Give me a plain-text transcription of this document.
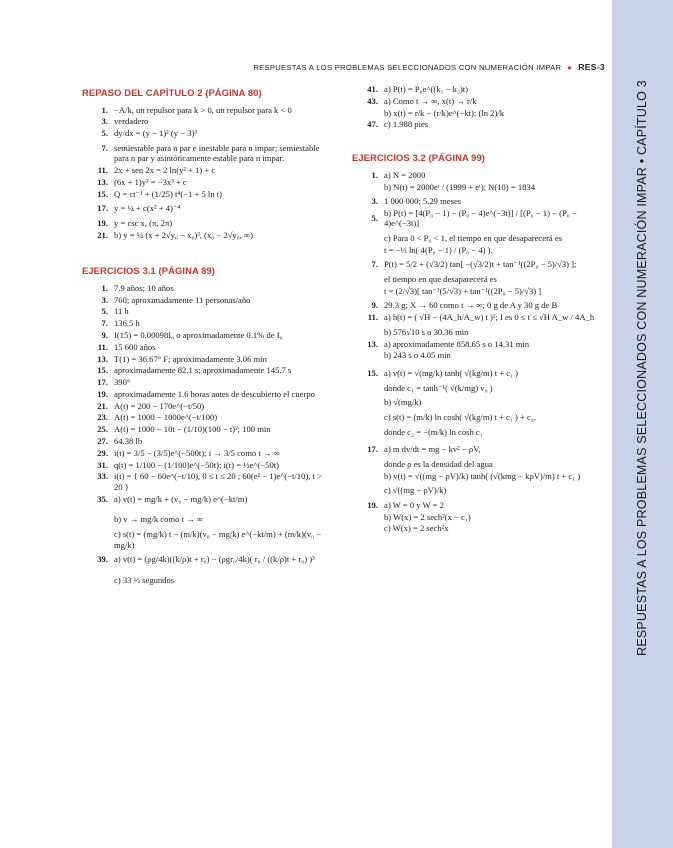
RESPUESTAS A LOS PROBLEMAS SELECCIONADOS CON NUMERACIÓN IMPAR • CAPÍTULO 3
RESPUESTAS A LOS PROBLEMAS SELECCIONADOS CON NUMERACIÓN IMPAR ● RES-3
REPASO DEL CAPÍTULO 2 (PÁGINA 80)
1. −A/k, un repulsor para k > 0, un repulsor para k < 0
3. verdadero
5. dy/dx = (y − 1)² (y − 3)³
7. semiestable para n par e inestable para n impar; semiestable para n par y asintóticamente estable para n impar.
11. 2x + sen 2x = 2 ln(y² + 1) + c
13. (6x + 1)y³ = −3x³ + c
15. Q = ct⁻¹ + (1/25) t⁴(−1 + 5 ln t)
17. y = ¼ + c(x² + 4)⁻⁴
19. y = csc x, (π, 2π)
21. b) y = ¼ (x + 2√y₀ − x₀)², (x₀ − 2√y₀, ∞)
EJERCICIOS 3.1 (PÁGINA 89)
1. 7.9 años; 10 años
3. 760; aproximadamente 11 personas/año
5. 11 h
7. 136.5 h
9. I(15) = 0.00098I₀ o aproximadamente 0.1% de I₀
11. 15 600 años
13. T(1) = 36.67° F; aproximadamente 3.06 min
15. aproximadamente 82.1 s; aproximadamente 145.7 s
17. 390°
19. aproximadamente 1.6 horas antes de descubierto el cuerpo
21. A(t) = 200 − 170e^(−t/50)
23. A(t) = 1000 − 1000e^(−t/100)
25. A(t) = 1000 − 10t − (1/10)(100 − t)²; 100 min
27. 64.38 lb
29. i(t) = 3/5 − (3/5)e^(−500t); i → 3/5 como t → ∞
31. q(t) = 1/100 − (1/100)e^(−50t); i(t) = ½e^(−50t)
33. i(t) = { 60 − 60e^(−t/10), 0 ≤ t ≤ 20 ; 60(e² − 1)e^(−t/10), t > 20 }
35. a) v(t) = mg/k + (v₀ − mg/k) e^(−kt/m)
b) v → mg/k como t → ∞
c) s(t) = (mg/k) t − (m/k)(v₀ − mg/k) e^(−kt/m) + (m/k)(v₀ − mg/k)
39. a) v(t) = (ρg/4k)((k/ρ)t + r₀) − (ρgr₀/4k)( r₀ / ((k/ρ)t + r₀) )³
c) 33 ⅓ segundos
41. a) P(t) = P₀e^((k₁ − k₂)t)
43. a) Como t → ∞, x(t) → r/k
b) x(t) = r/k − (r/k)e^(−kt); (ln 2)/k
47. c) 1.988 pies
EJERCICIOS 3.2 (PÁGINA 99)
1. a) N = 2000
b) N(t) = 2000eᵗ / (1999 + eᵗ); N(10) = 1834
3. 1 000 000; 5.29 meses
5.
b) P(t) = [4(P₀ − 1) − (P₀ − 4)e^(−3t)] / [(P₀ − 1) − (P₀ − 4)e^(−3t)]
c) Para 0 < P₀ < 1, el tiempo en que desaparecerá es
t = −⅓ ln( 4(P₀ − 1) / (P₀ − 4) ).
7. P(t) = 5/2 + (√3/2) tan[ −(√3/2)t + tan⁻¹((2P₀ − 5)/√3) ];
el tiempo en que desaparecerá es
t = (2/√3)[ tan⁻¹(5/√3) + tan⁻¹((2P₀ − 5)/√3) ]
9. 29.3 g; X → 60 como t → ∞; 0 g de A y 30 g de B
11. a) h(t) = ( √H − (4A_h/A_w) t )²; I es 0 ≤ t ≤ √H A_w / 4A_h
b) 576√10 s o 30.36 min
13. a) aproximadamente 858.65 s o 14.31 min
b) 243 s o 4.05 min
15. a) v(t) = √(mg/k) tanh( √(kg/m) t + c₁ )
donde c₁ = tanh⁻¹( √(k/mg) v₀ )
b) √(mg/k)
c) s(t) = (m/k) ln cosh( √(kg/m) t + c₁ ) + c₂,
donde c₂ = −(m/k) ln cosh c₁
17. a) m dv/dt = mg − kv² − ρV,
donde ρ es la densidad del agua
b) v(t) = √((mg − ρV)/k) tanh( (√(kmg − kρV)/m) t + c₁ )
c) √((mg − ρV)/k)
19. a) W = 0 y W = 2
b) W(x) = 2 sech²(x − c₁)
c) W(x) = 2 sech²x
